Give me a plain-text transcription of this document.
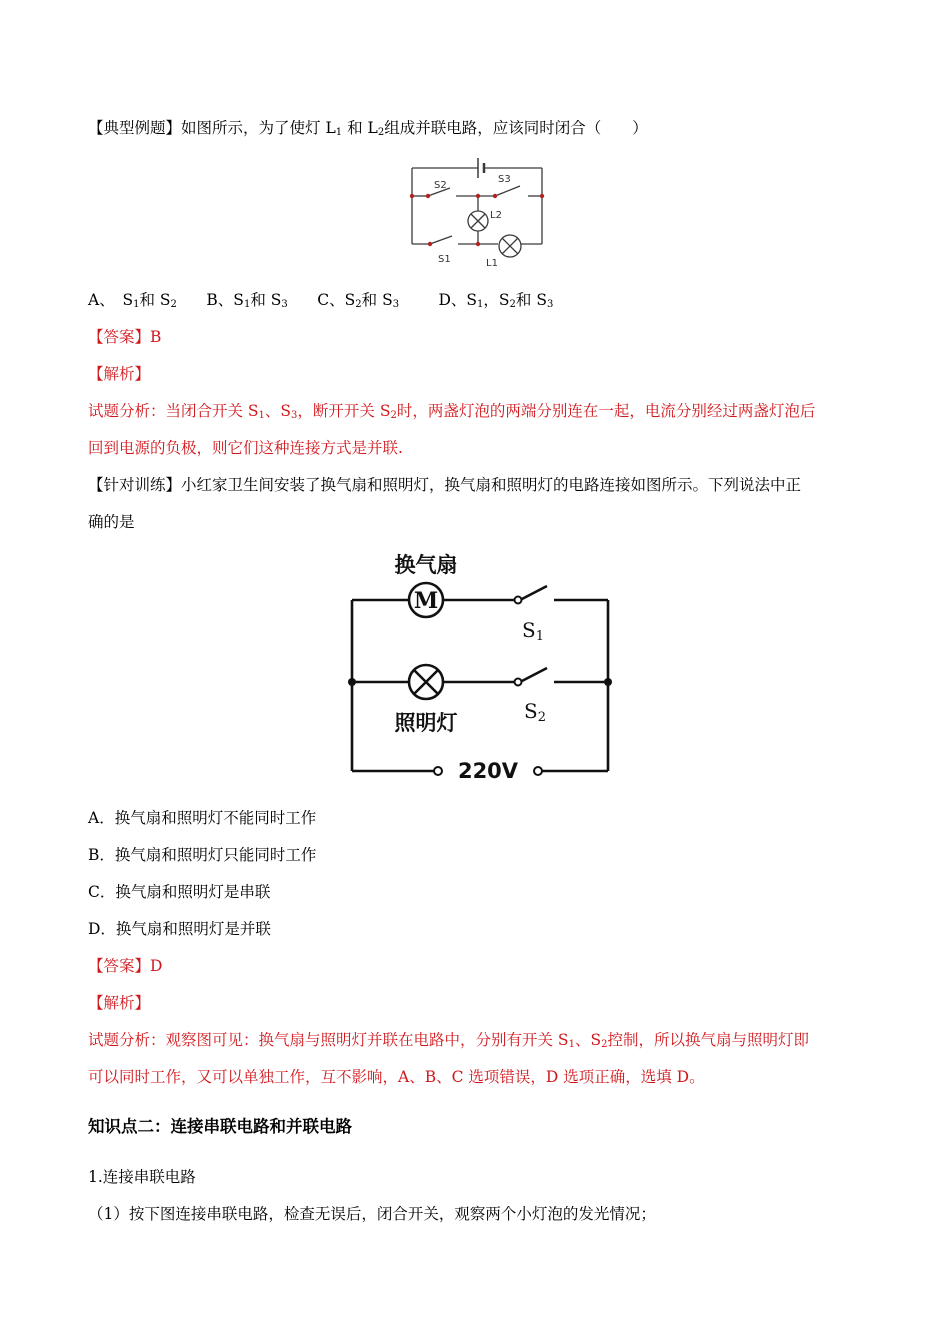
【典型例题】如图所示，为了使灯 $L_1$ 和 $L_2$组成并联电路，应该同时闭合（　　）
S2
S3
L2
S1	L1
A、　$S_1$和 $S_2$ B、$S_1$和 $S_3$ C、$S_2$和 $S_3$	D、$S_1$，$S_2$和 $S_3$
【答案】B
【解析】
试题分析：当闭合开关 $S_1$、$S_3$，断开开关 $S_2$时，两盏灯泡的两端分别连在一起，电流分别经过两盏灯泡后
回到电源的负极，则它们这种连接方式是并联.
【针对训练】小红家卫生间安装了换气扇和照明灯，换气扇和照明灯的电路连接如图所示。下列说法中正
确的是
M
换气扇
照明灯
S1
S2
220V
A．换气扇和照明灯不能同时工作
B．换气扇和照明灯只能同时工作
C．换气扇和照明灯是串联
D．换气扇和照明灯是并联
【答案】D
【解析】
试题分析：观察图可见：换气扇与照明灯并联在电路中，分别有开关 $S_1$、$S_2$控制，所以换气扇与照明灯即
可以同时工作，又可以单独工作，互不影响，A、B、C 选项错误，D 选项正确，选填 D。
知识点二：连接串联电路和并联电路
1.连接串联电路
（1）按下图连接串联电路，检查无误后，闭合开关，观察两个小灯泡的发光情况；
